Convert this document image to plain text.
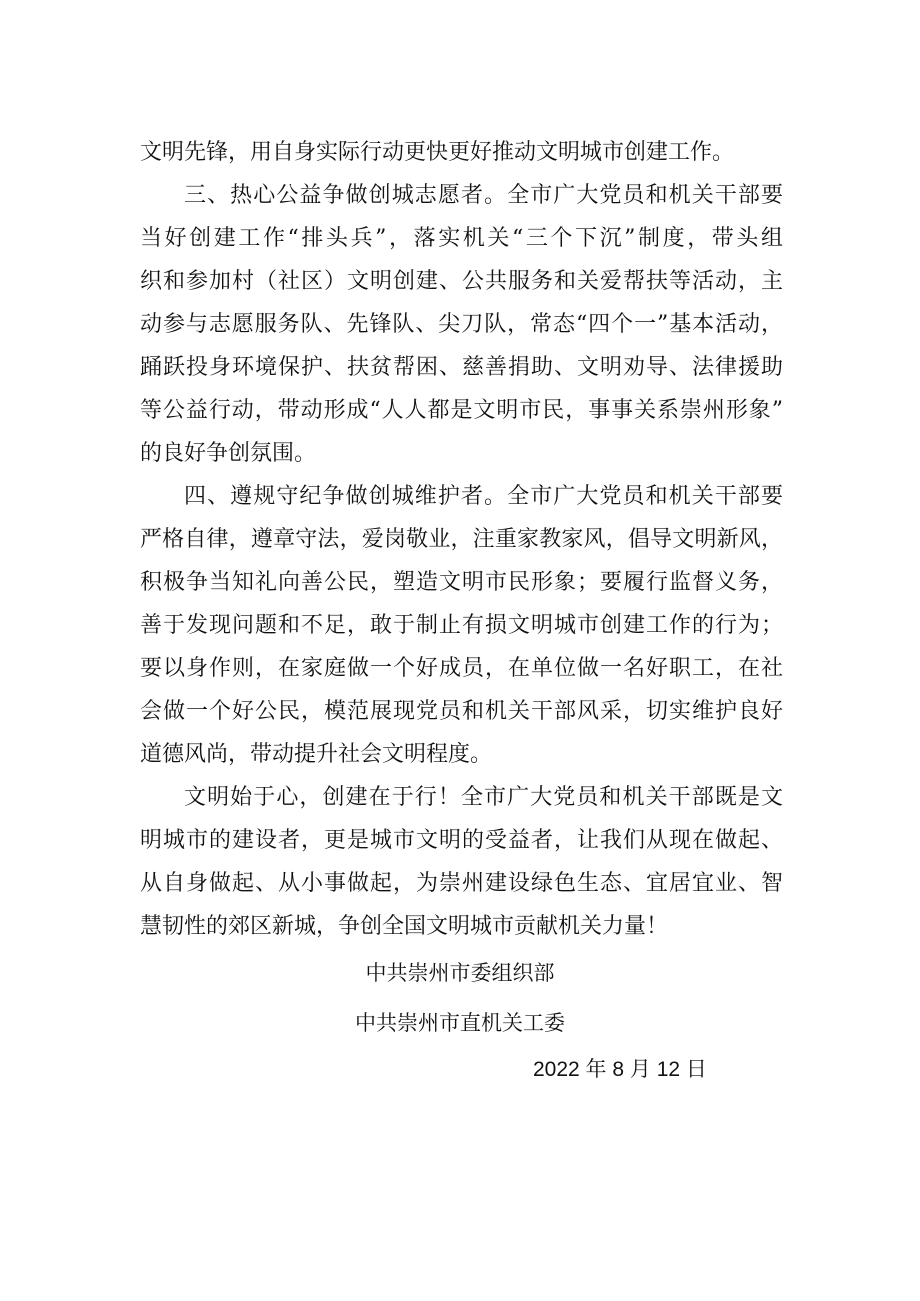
文明先锋，用自身实际行动更快更好推动文明城市创建工作。
三、热心公益争做创城志愿者。全市广大党员和机关干部要
当好创建工作“排头兵”，落实机关“三个下沉”制度，带头组
织和参加村（社区）文明创建、公共服务和关爱帮扶等活动，主
动参与志愿服务队、先锋队、尖刀队，常态“四个一”基本活动，
踊跃投身环境保护、扶贫帮困、慈善捐助、文明劝导、法律援助
等公益行动，带动形成“人人都是文明市民，事事关系崇州形象”
的良好争创氛围。
四、遵规守纪争做创城维护者。全市广大党员和机关干部要
严格自律，遵章守法，爱岗敬业，注重家教家风，倡导文明新风，
积极争当知礼向善公民，塑造文明市民形象；要履行监督义务，
善于发现问题和不足，敢于制止有损文明城市创建工作的行为；
要以身作则，在家庭做一个好成员，在单位做一名好职工，在社
会做一个好公民，模范展现党员和机关干部风采，切实维护良好
道德风尚，带动提升社会文明程度。
文明始于心，创建在于行！全市广大党员和机关干部既是文
明城市的建设者，更是城市文明的受益者，让我们从现在做起、
从自身做起、从小事做起，为崇州建设绿色生态、宜居宜业、智
慧韧性的郊区新城，争创全国文明城市贡献机关力量！
中共崇州市委组织部
中共崇州市直机关工委
2022 年 8 月 12 日
